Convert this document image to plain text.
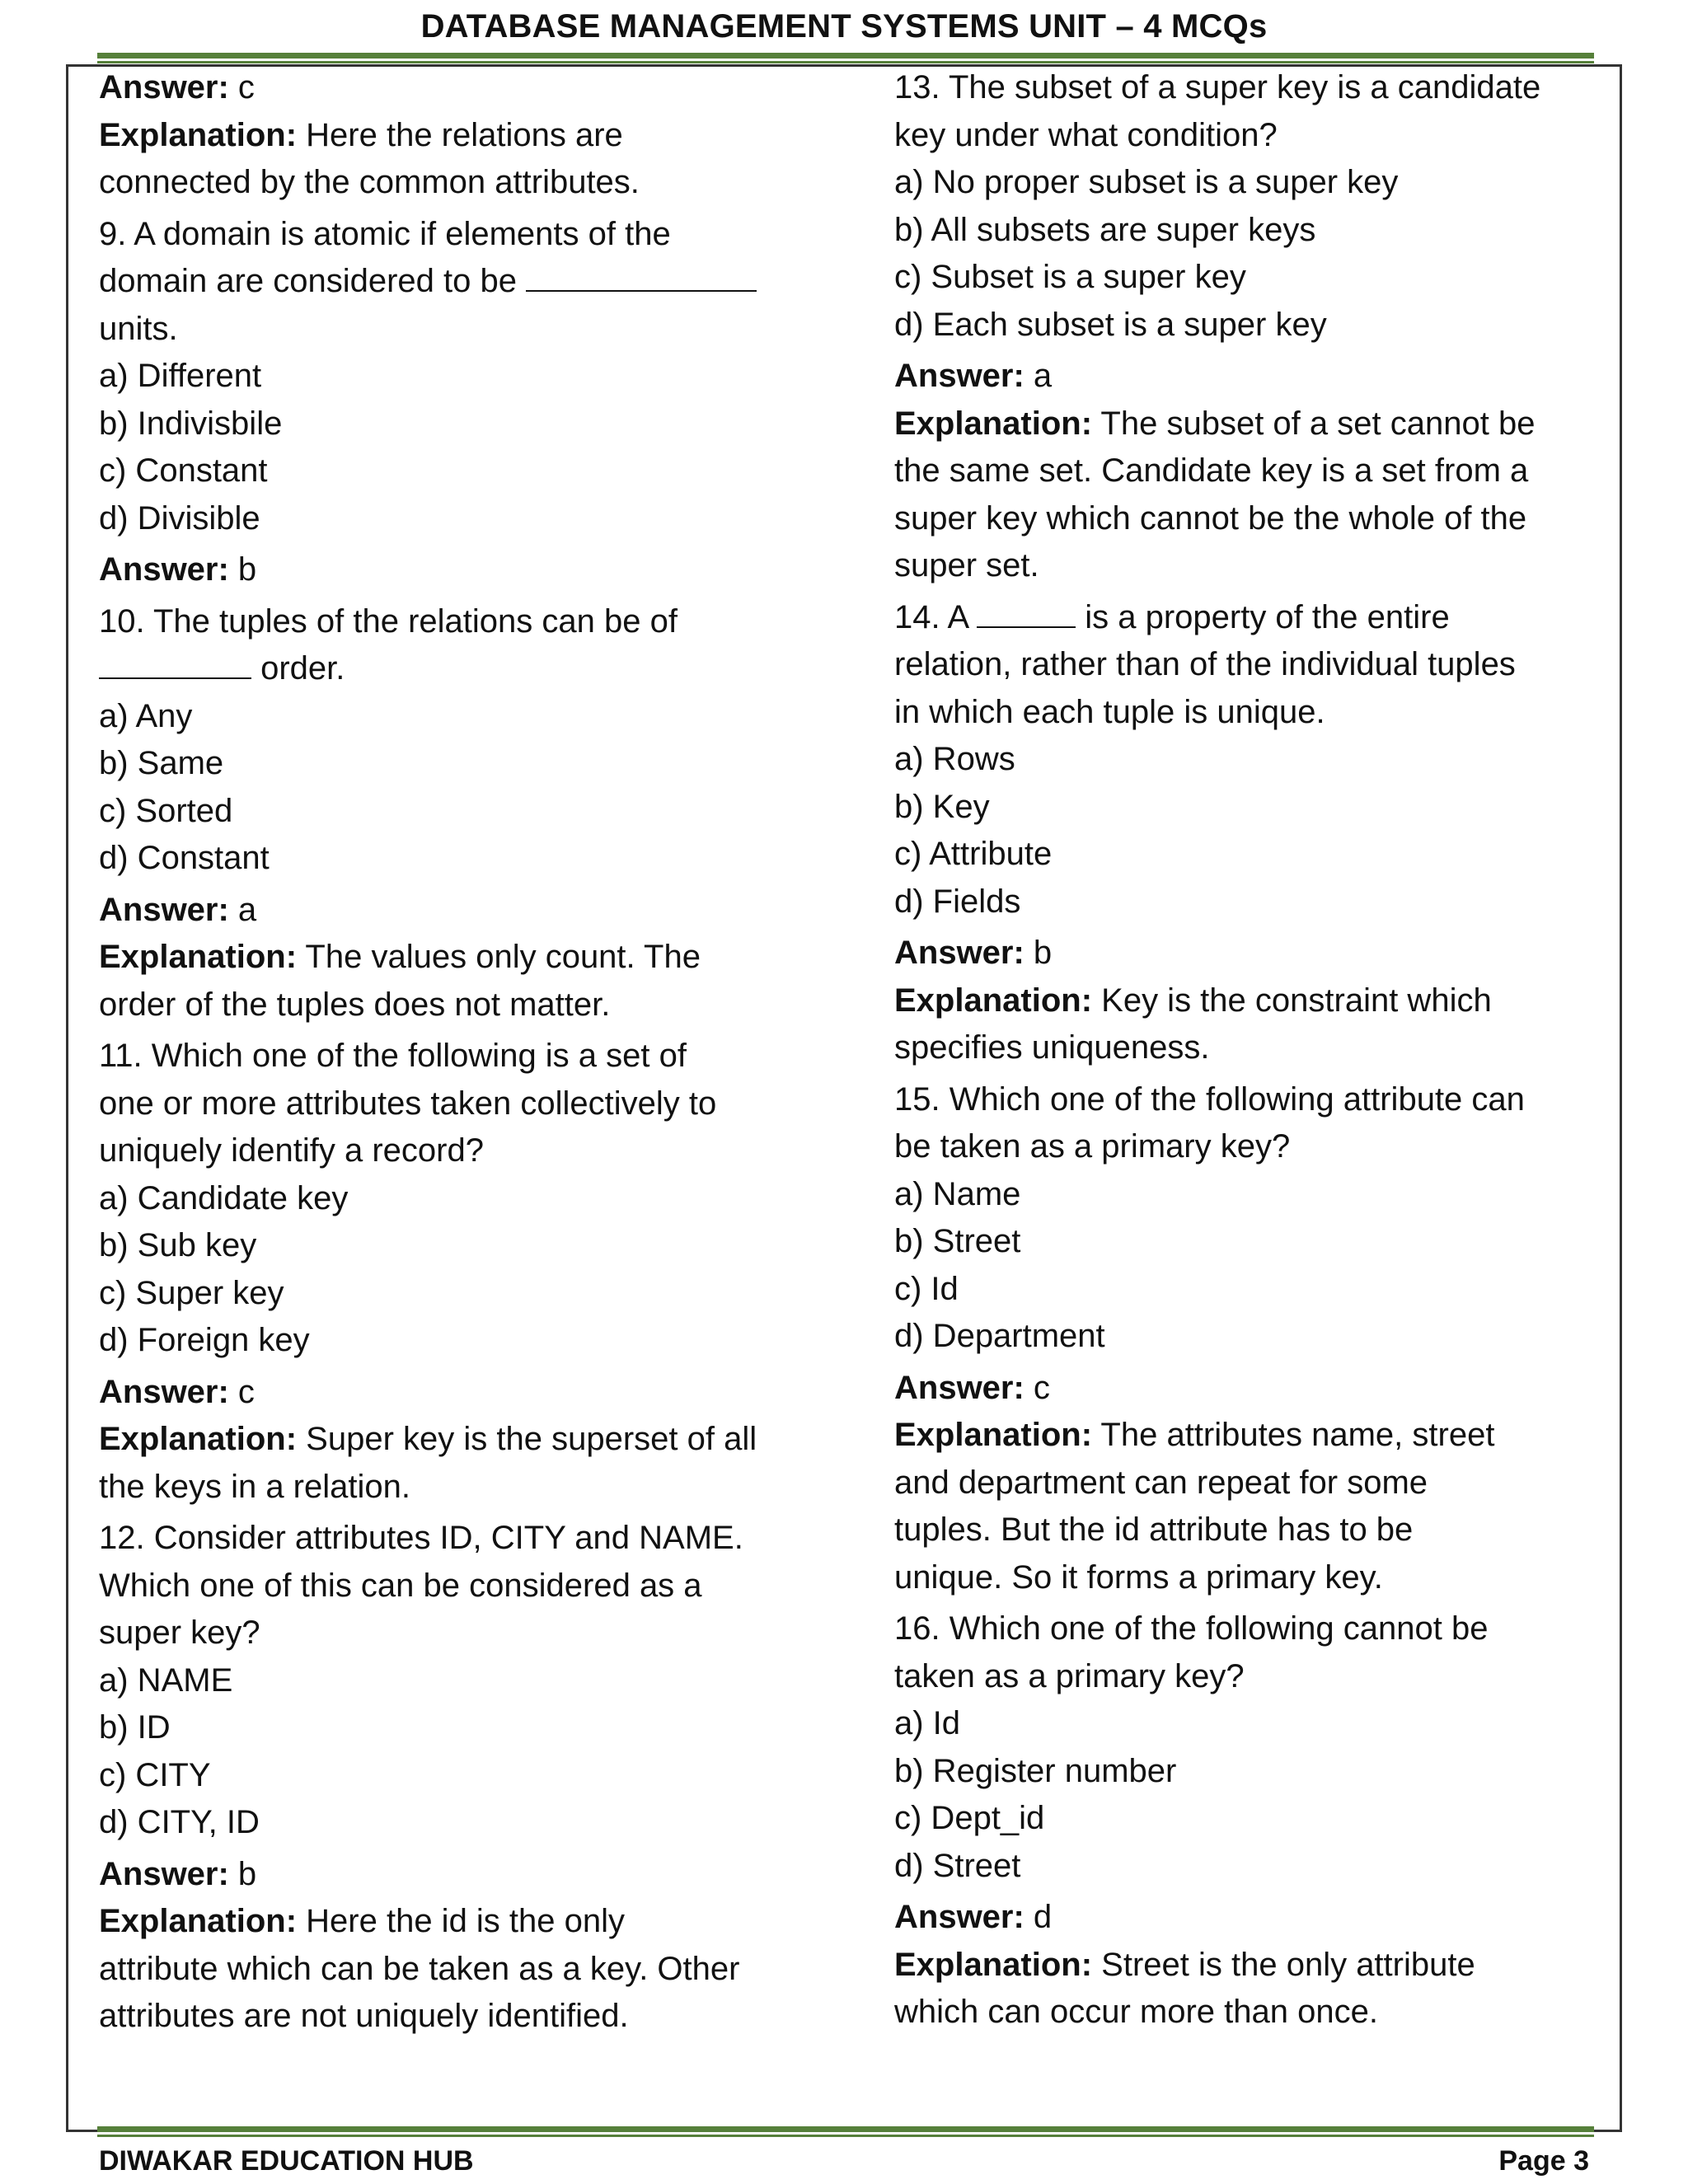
DATABASE MANAGEMENT SYSTEMS UNIT – 4 MCQs
Answer: c
Explanation: Here the relations are
connected by the common attributes.
9. A domain is atomic if elements of the
domain are considered to be
units.
a) Different
b) Indivisbile
c) Constant
d) Divisible
Answer: b
10. The tuples of the relations can be of
order.
a) Any
b) Same
c) Sorted
d) Constant
Answer: a
Explanation: The values only count. The
order of the tuples does not matter.
11. Which one of the following is a set of
one or more attributes taken collectively to
uniquely identify a record?
a) Candidate key
b) Sub key
c) Super key
d) Foreign key
Answer: c
Explanation: Super key is the superset of all
the keys in a relation.
12. Consider attributes ID, CITY and NAME.
Which one of this can be considered as a
super key?
a) NAME
b) ID
c) CITY
d) CITY, ID
Answer: b
Explanation: Here the id is the only
attribute which can be taken as a key. Other
attributes are not uniquely identified.
13. The subset of a super key is a candidate
key under what condition?
a) No proper subset is a super key
b) All subsets are super keys
c) Subset is a super key
d) Each subset is a super key
Answer: a
Explanation: The subset of a set cannot be
the same set. Candidate key is a set from a
super key which cannot be the whole of the
super set.
14. A	is a property of the entire
relation, rather than of the individual tuples
in which each tuple is unique.
a) Rows
b) Key
c) Attribute
d) Fields
Answer: b
Explanation: Key is the constraint which
specifies uniqueness.
15. Which one of the following attribute can
be taken as a primary key?
a) Name
b) Street
c) Id
d) Department
Answer: c
Explanation: The attributes name, street
and department can repeat for some
tuples. But the id attribute has to be
unique. So it forms a primary key.
16. Which one of the following cannot be
taken as a primary key?
a) Id
b) Register number
c) Dept_id
d) Street
Answer: d
Explanation: Street is the only attribute
which can occur more than once.
DIWAKAR EDUCATION HUB	Page 3
